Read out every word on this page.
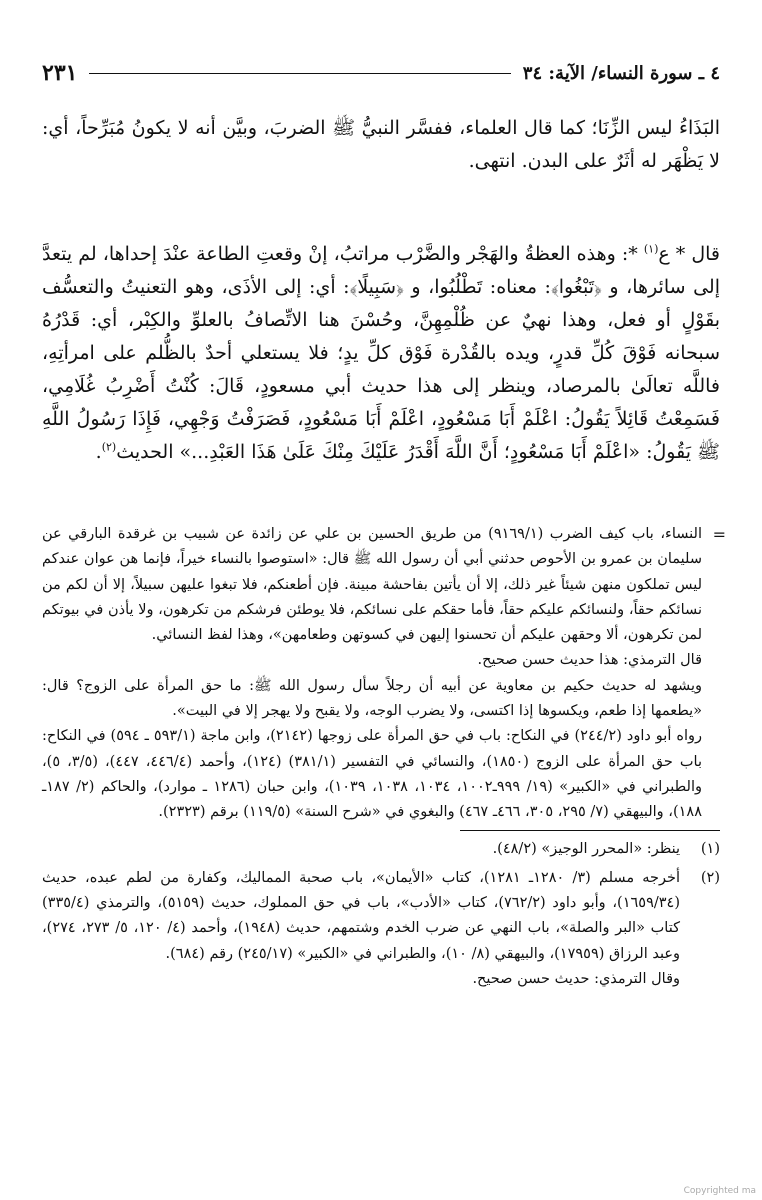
٤ ـ سورة النساء/ الآية: ٣٤
٢٣١

البَذَاءُ ليس الزِّنَا؛ كما قال العلماء، ففسَّر النبيُّ ﷺ الضربَ، وبيَّن أنه لا يكونُ مُبَرِّحاً، أي: لا يَظْهَر له أثَرٌ على البدن. انتهى.

قال * ع$^{(١)}$ *: وهذه العظةُ والهَجْر والضَّرْب مراتبُ، إنْ وقعتِ الطاعة عنْدَ إحداها، لم يتعدَّ إلى سائرها، و ﴿تَبْغُوا﴾: معناه: تَطْلُبُوا، و ﴿سَبِيلًا﴾: أي: إلى الأذَى، وهو التعنيتُ والتعسُّف بقَوْلٍ أو فعل، وهذا نهيٌ عن ظُلْمِهِنَّ، وحُسْنَ هنا الاتِّصافُ بالعلوِّ والكِبْر، أي: قَدْرُهُ سبحانه فَوْقَ كُلِّ قدرٍ، ويده بالقُدْرة فَوْق كلِّ يدٍ؛ فلا يستعلي أحدٌ بالظُّلم على امرأتِهِ، فاللَّه تعالَىٰ بالمرصاد، وينظر إلى هذا حديث أبي مسعودٍ، قَالَ: كُنْتُ أَضْرِبُ غُلَامِي، فَسَمِعْتُ قَائِلاً يَقُولُ: اعْلَمْ أَبَا مَسْعُودٍ، اعْلَمْ أَبَا مَسْعُودٍ، فَصَرَفْتُ وَجْهِي، فَإِذَا رَسُولُ اللَّهِ ﷺ يَقُولُ: «اعْلَمْ أَبَا مَسْعُودٍ؛ أَنَّ اللَّهَ أَقْدَرُ عَلَيْكَ مِنْكَ عَلَىٰ هَذَا العَبْدِ...» الحديث$^{(٢)}$.

=

النساء، باب كيف الضرب (٩١٦٩/١) من طريق الحسين بن علي عن زائدة عن شبيب بن غرقدة البارقي عن سليمان بن عمرو بن الأحوص حدثني أبي أن رسول الله ﷺ قال: «استوصوا بالنساء خيراً، فإنما هن عوان عندكم ليس تملكون منهن شيئاً غير ذلك، إلا أن يأتين بفاحشة مبينة. فإن أطعنكم، فلا تبغوا عليهن سبيلاً، إلا أن لكم من نسائكم حقاً، ولنسائكم عليكم حقاً، فأما حقكم على نسائكم، فلا يوطئن فرشكم من تكرهون، ولا يأذن في بيوتكم لمن تكرهون، ألا وحقهن عليكم أن تحسنوا إليهن في كسوتهن وطعامهن»، وهذا لفظ النسائي.

قال الترمذي: هذا حديث حسن صحيح.

ويشهد له حديث حكيم بن معاوية عن أبيه أن رجلاً سأل رسول الله ﷺ: ما حق المرأة على الزوج؟ قال: «يطعمها إذا طعم، ويكسوها إذا اكتسى، ولا يضرب الوجه، ولا يقبح ولا يهجر إلا في البيت».

رواه أبو داود (٢٤٤/٢) في النكاح: باب في حق المرأة على زوجها (٢١٤٢)، وابن ماجة (٥٩٣/١ ـ ٥٩٤) في النكاح: باب حق المرأة على الزوج (١٨٥٠)، والنسائي في التفسير (٣٨١/١) (١٢٤)، وأحمد (٤٤٦/٤، ٤٤٧)، (٣/٥، ٥)، والطبراني في «الكبير» (١٩/ ٩٩٩ـ١٠٠٢، ١٠٣٤، ١٠٣٨، ١٠٣٩)، وابن حبان (١٢٨٦ ـ موارد)، والحاكم (٢/ ١٨٧ـ ١٨٨)، والبيهقي (٧/ ٢٩٥، ٣٠٥، ٤٦٦ـ ٤٦٧) والبغوي في «شرح السنة» (١١٩/٥) برقم (٢٣٢٣).

(١)

ينظر: «المحرر الوجيز» (٤٨/٢).

(٢)

أخرجه مسلم (٣/ ١٢٨٠ـ ١٢٨١)، كتاب «الأيمان»، باب صحبة المماليك، وكفارة من لطم عبده، حديث (١٦٥٩/٣٤)، وأبو داود (٧٦٢/٢)، كتاب «الأدب»، باب في حق المملوك، حديث (٥١٥٩)، والترمذي (٣٣٥/٤) كتاب «البر والصلة»، باب النهي عن ضرب الخدم وشتمهم، حديث (١٩٤٨)، وأحمد (٤/ ١٢٠، ٥/ ٢٧٣، ٢٧٤)، وعبد الرزاق (١٧٩٥٩)، والبيهقي (٨/ ١٠)، والطبراني في «الكبير» (٢٤٥/١٧) رقم (٦٨٤).

وقال الترمذي: حديث حسن صحيح.

Copyrighted ma
